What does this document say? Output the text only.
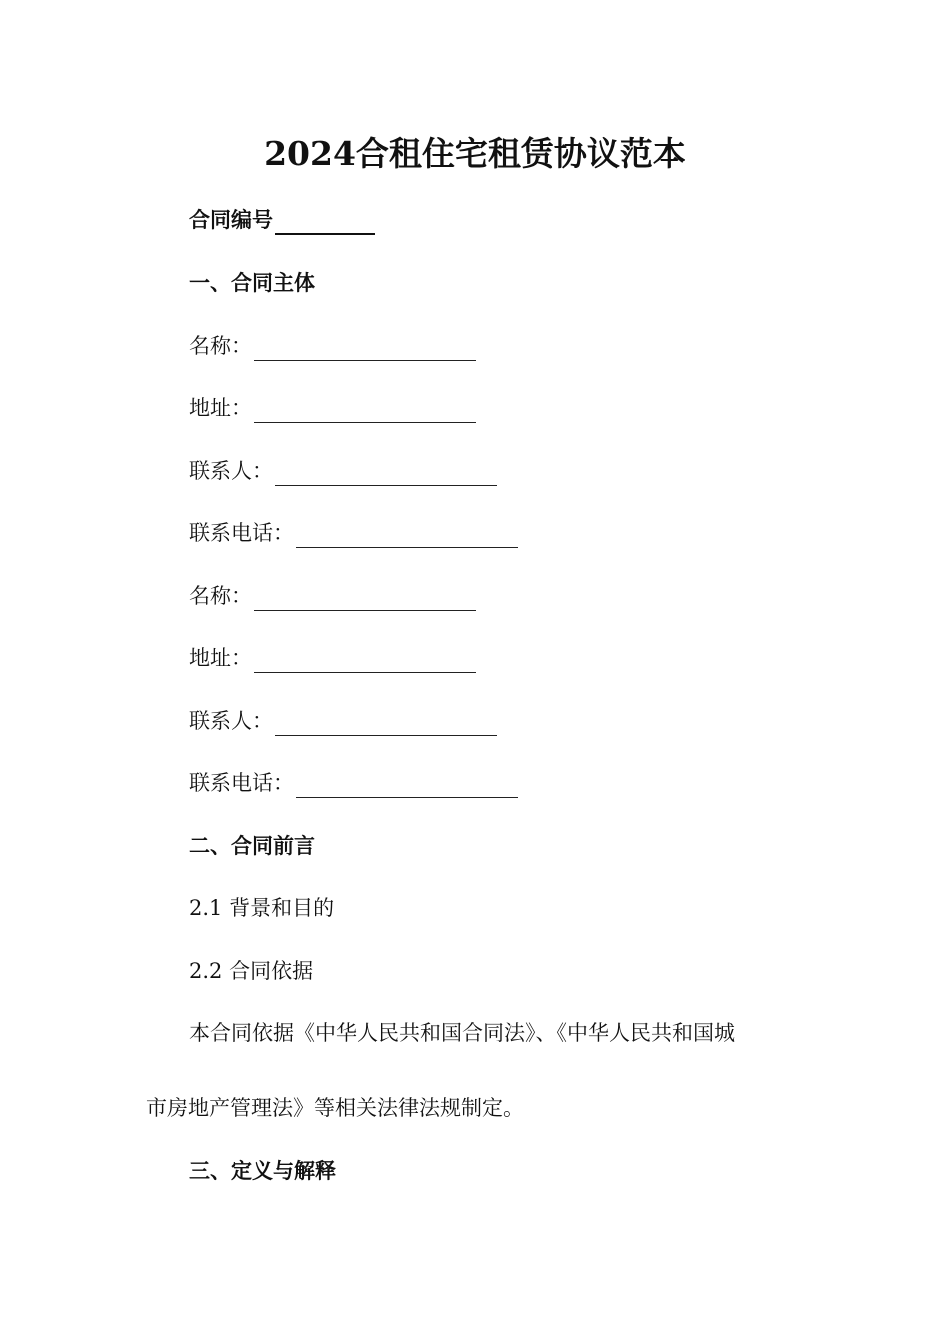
2024合租住宅租赁协议范本
合同编号
一、合同主体
名称：
地址：
联系人：
联系电话：
名称：
地址：
联系人：
联系电话：
二、合同前言
2.1 背景和目的
2.2 合同依据
本合同依据《中华人民共和国合同法》、《中华人民共和国城
市房地产管理法》等相关法律法规制定。
三、定义与解释
